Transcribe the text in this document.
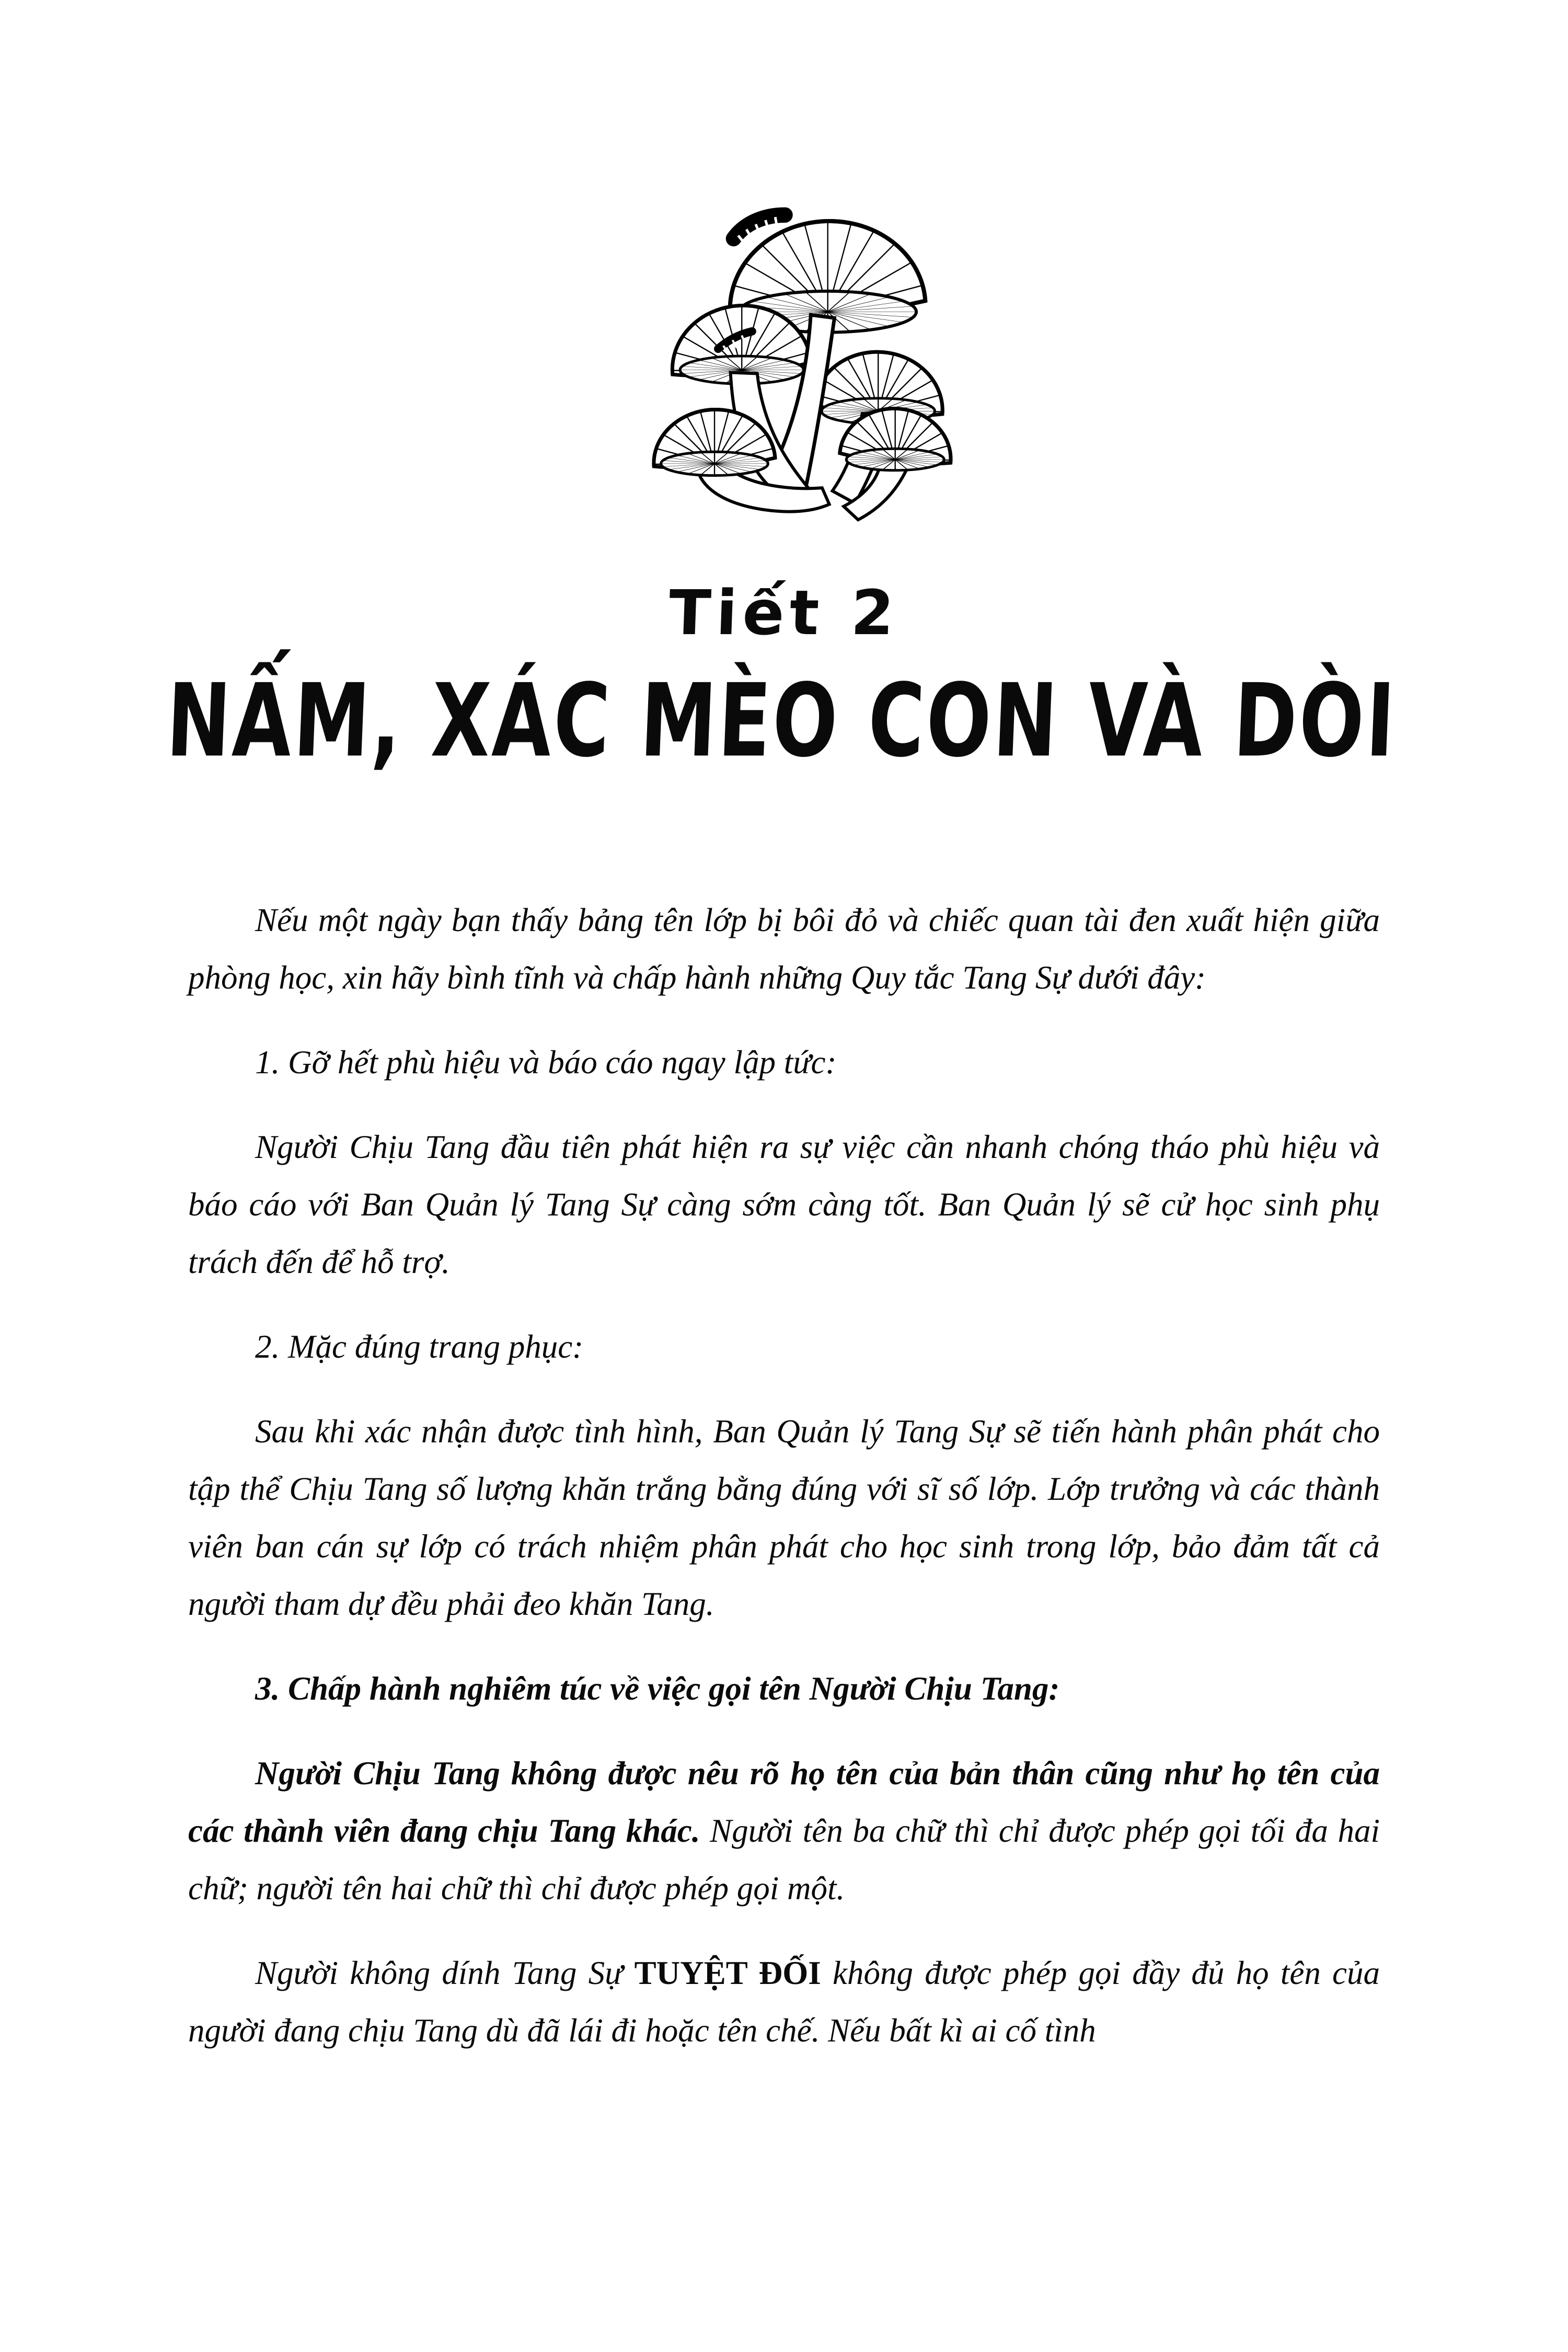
Tiết 2
NẤM, XÁC MÈO CON VÀ DÒI

Nếu một ngày bạn thấy bảng tên lớp bị bôi đỏ và chiếc quan tài đen xuất hiện giữa phòng học, xin hãy bình tĩnh và chấp hành những Quy tắc Tang Sự dưới đây:

1. Gỡ hết phù hiệu và báo cáo ngay lập tức:

Người Chịu Tang đầu tiên phát hiện ra sự việc cần nhanh chóng tháo phù hiệu và báo cáo với Ban Quản lý Tang Sự càng sớm càng tốt. Ban Quản lý sẽ cử học sinh phụ trách đến để hỗ trợ.

2. Mặc đúng trang phục:

Sau khi xác nhận được tình hình, Ban Quản lý Tang Sự sẽ tiến hành phân phát cho tập thể Chịu Tang số lượng khăn trắng bằng đúng với sĩ số lớp. Lớp trưởng và các thành viên ban cán sự lớp có trách nhiệm phân phát cho học sinh trong lớp, bảo đảm tất cả người tham dự đều phải đeo khăn Tang.

3. Chấp hành nghiêm túc về việc gọi tên Người Chịu Tang:

Người Chịu Tang không được nêu rõ họ tên của bản thân cũng như họ tên của các thành viên đang chịu Tang khác. Người tên ba chữ thì chỉ được phép gọi tối đa hai chữ; người tên hai chữ thì chỉ được phép gọi một.

Người không dính Tang Sự TUYỆT ĐỐI không được phép gọi đầy đủ họ tên của người đang chịu Tang dù đã lái đi hoặc tên chế. Nếu bất kì ai cố tình
